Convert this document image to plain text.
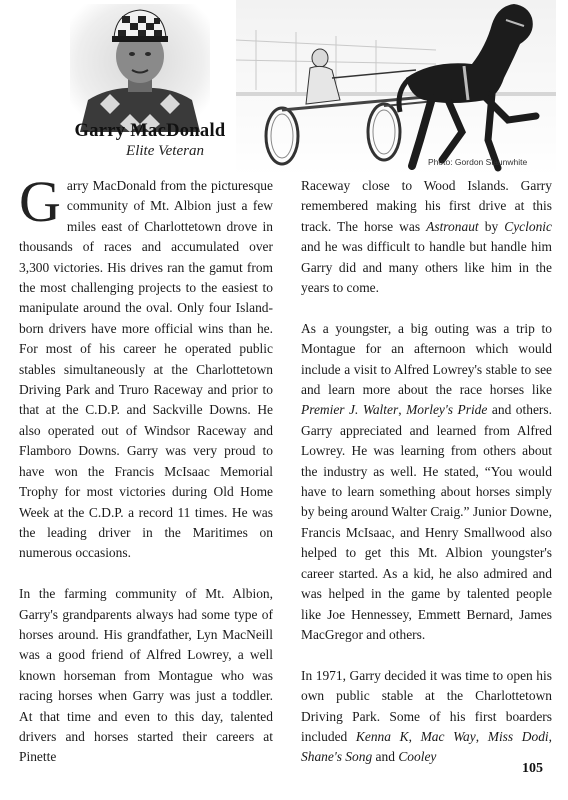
Garry MacDonald
Elite Veteran
Photo: Gordon Slaunwhite

Garry MacDonald from the picturesque community of Mt. Albion just a few miles east of Charlottetown drove in thousands of races and accumulated over 3,300 victories. His drives ran the gamut from the most challenging projects to the easiest to manipulate around the oval. Only four Island-born drivers have more official wins than he. For most of his career he operated public stables simultaneously at the Charlottetown Driving Park and Truro Raceway and prior to that at the C.D.P. and Sackville Downs. He also operated out of Windsor Raceway and Flamboro Downs. Garry was very proud to have won the Francis McIsaac Memorial Trophy for most victories during Old Home Week at the C.D.P. a record 11 times. He was the leading driver in the Maritimes on numerous occasions.

In the farming community of Mt. Albion, Garry's grandparents always had some type of horses around. His grandfather, Lyn MacNeill was a good friend of Alfred Lowrey, a well known horseman from Montague who was racing horses when Garry was just a toddler. At that time and even to this day, talented drivers and horses started their careers at Pinette

Raceway close to Wood Islands. Garry remembered making his first drive at this track. The horse was Astronaut by Cyclonic and he was difficult to handle but handle him Garry did and many others like him in the years to come.

As a youngster, a big outing was a trip to Montague for an afternoon which would include a visit to Alfred Lowrey's stable to see and learn more about the race horses like Premier J. Walter, Morley's Pride and others. Garry appreciated and learned from Alfred Lowrey. He was learning from others about the industry as well. He stated, “You would have to learn something about horses simply by being around Walter Craig.” Junior Downe, Francis McIsaac, and Henry Smallwood also helped to get this Mt. Albion youngster's career started. As a kid, he also admired and was helped in the game by talented people like Joe Hennessey, Emmett Bernard, James MacGregor and others.

In 1971, Garry decided it was time to open his own public stable at the Charlottetown Driving Park. Some of his first boarders included Kenna K, Mac Way, Miss Dodi, Shane's Song and Cooley

105
